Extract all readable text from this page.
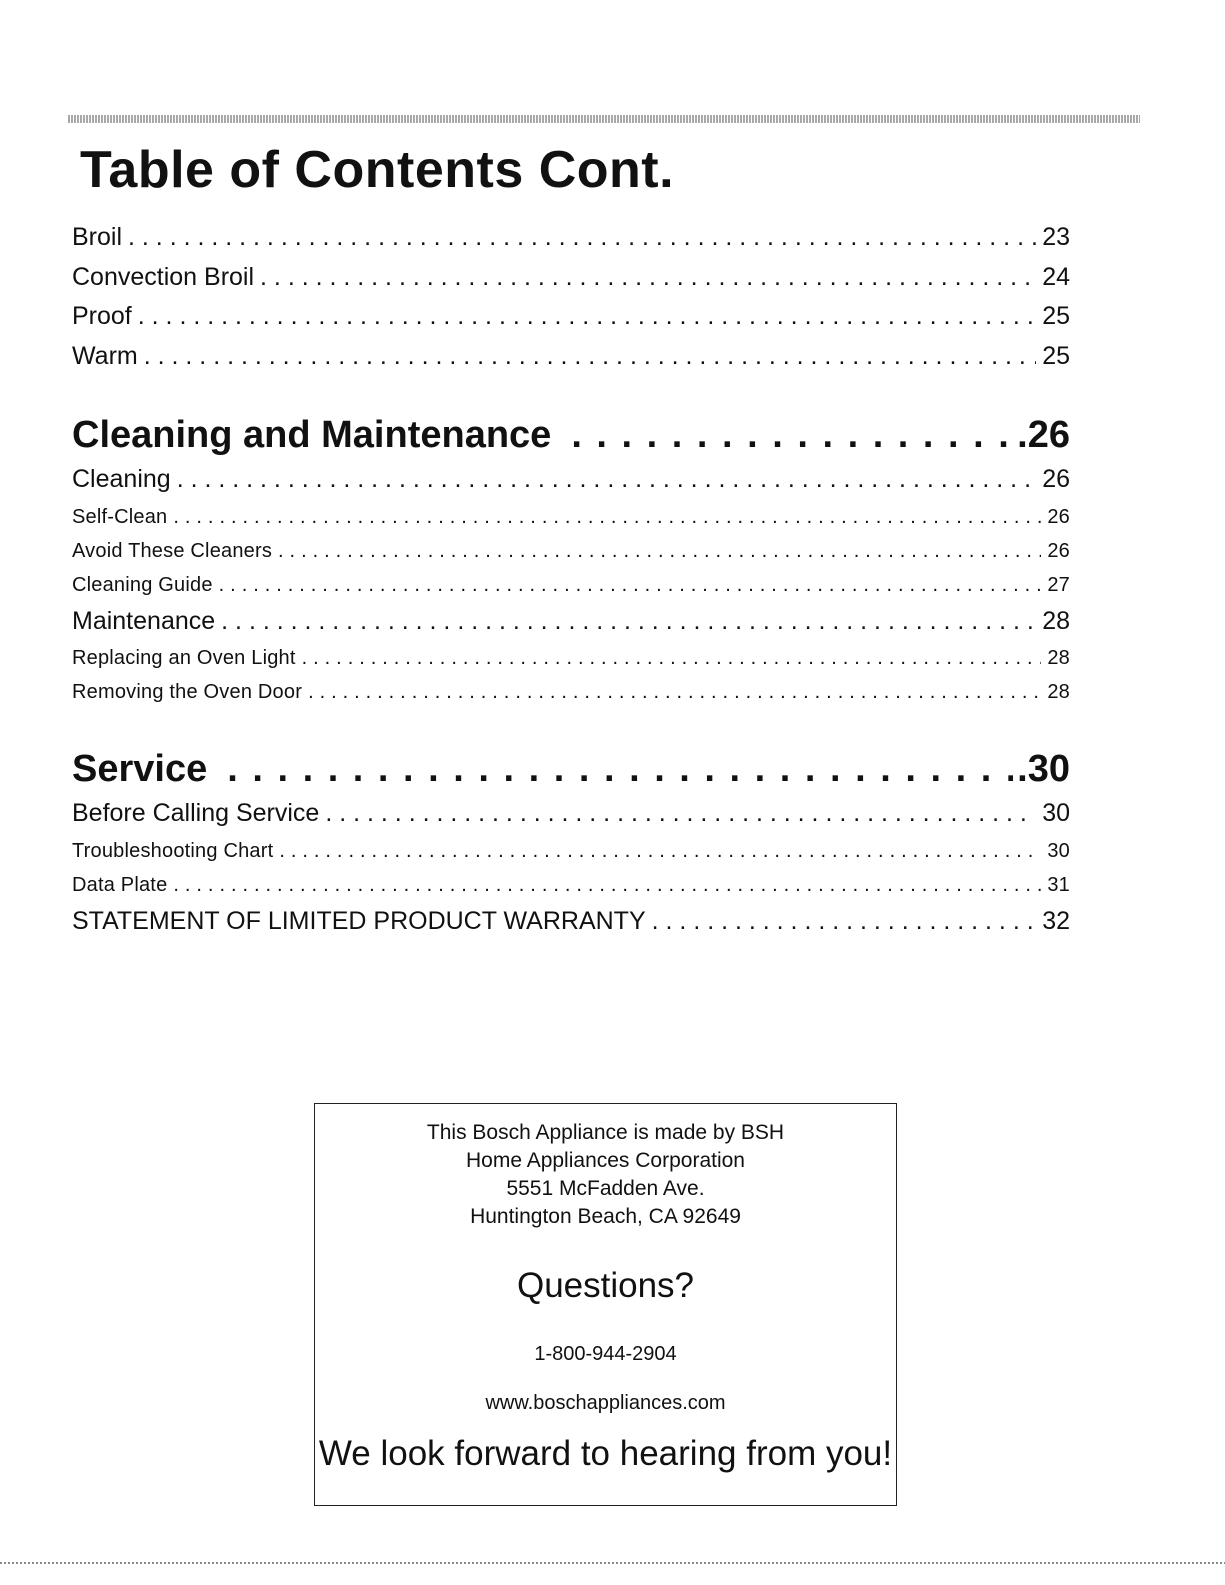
Table of Contents Cont.
Broil . . .	23
Convection Broil . . .	24
Proof . . .	25
Warm . . .	25
Cleaning and Maintenance . . .	.26
Cleaning . . .	26
Self-Clean . . .	26
Avoid These Cleaners . . .	26
Cleaning Guide . . .	27
Maintenance . . .	28
Replacing an Oven Light . . .	28
Removing the Oven Door . . .	28
Service . . .	.30
Before Calling Service . . .	30
Troubleshooting Chart . . .	30
Data Plate . . .	31
STATEMENT OF LIMITED PRODUCT WARRANTY . . .	32

This Bosch Appliance is made by BSH

Home Appliances Corporation

5551 McFadden Ave.

Huntington Beach, CA 92649

Questions?

1-800-944-2904

www.boschappliances.com

We look forward to hearing from you!
